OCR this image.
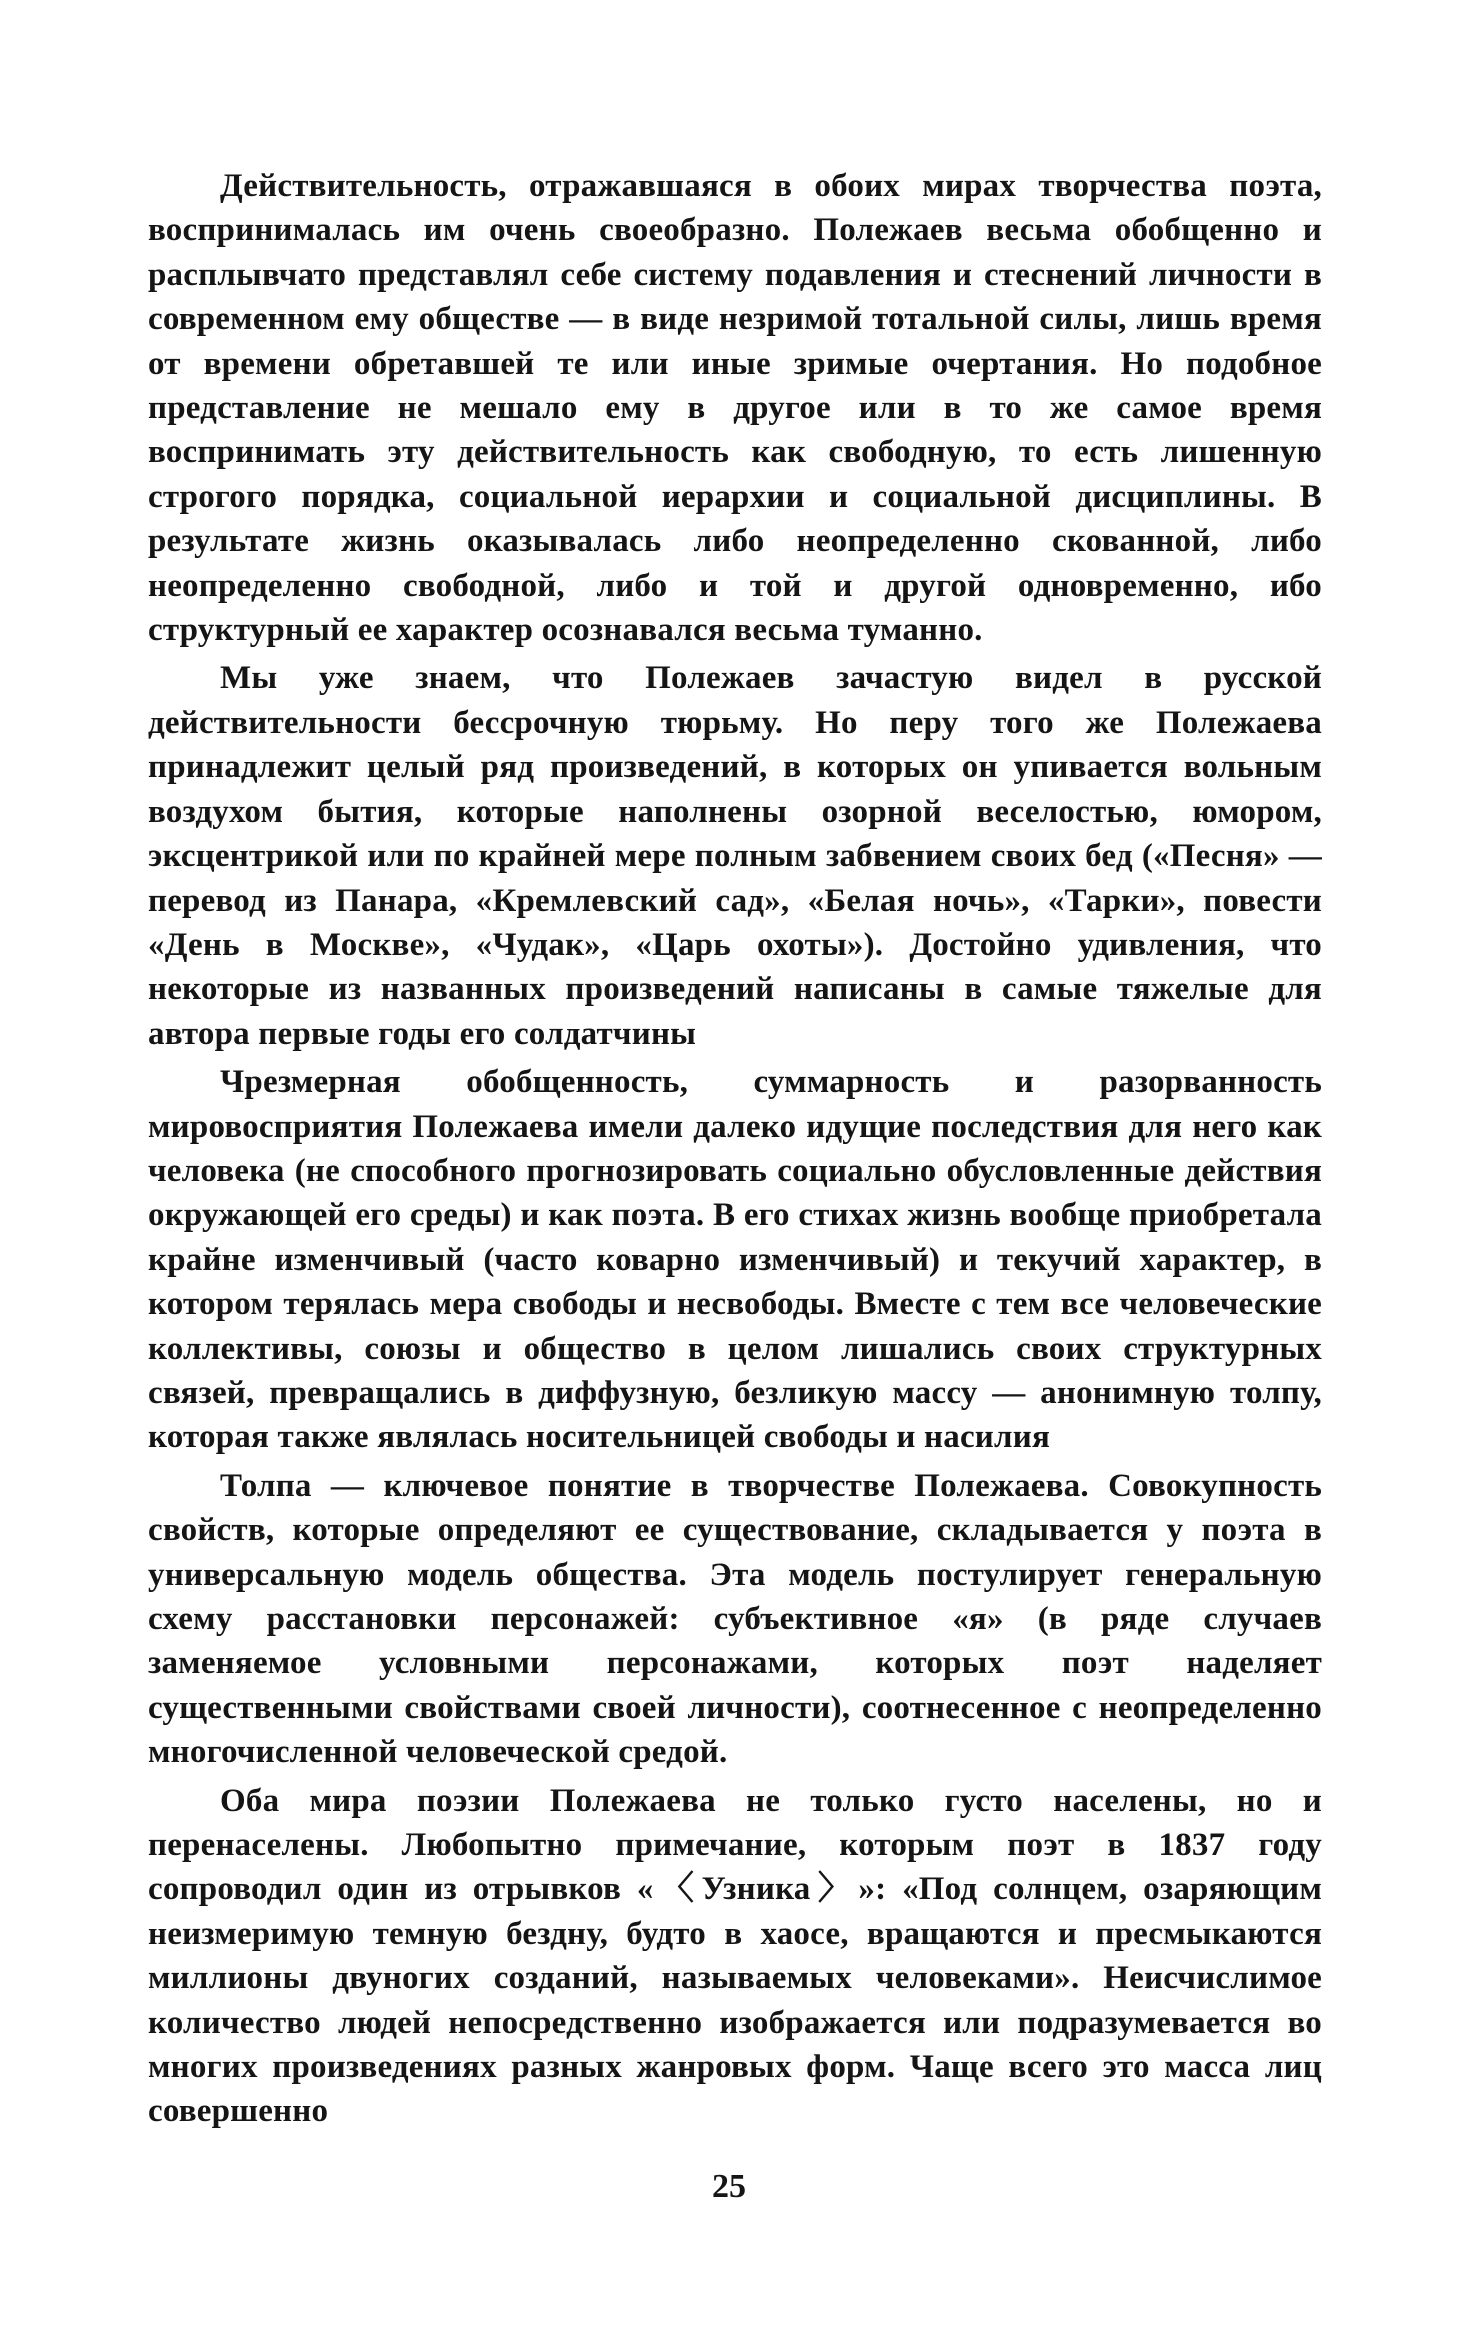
Действительность, отражавшаяся в обоих мирах творчества поэта, воспринималась им очень своеобразно. Полежаев весьма обобщенно и расплывчато представлял себе систему подавления и стеснений личности в современном ему обществе — в виде незримой тотальной силы, лишь время от времени обретавшей те или иные зримые очертания. Но подобное представление не мешало ему в другое или в то же самое время воспринимать эту действительность как свободную, то есть лишенную строгого порядка, социальной иерархии и социальной дисциплины. В результате жизнь оказывалась либо неопределенно скованной, либо неопределенно свободной, либо и той и другой одновременно, ибо структурный ее характер осознавался весьма туманно.

Мы уже знаем, что Полежаев зачастую видел в русской действительности бессрочную тюрьму. Но перу того же Полежаева принадлежит целый ряд произведений, в которых он упивается вольным воздухом бытия, которые наполнены озорной веселостью, юмором, эксцентрикой или по крайней мере полным забвением своих бед («Песня» — перевод из Панара, «Кремлевский сад», «Белая ночь», «Тарки», повести «День в Москве», «Чудак», «Царь охоты»). Достойно удивления, что некоторые из названных произведений написаны в самые тяжелые для автора первые годы его солдатчины

Чрезмерная обобщенность, суммарность и разорванность мировосприятия Полежаева имели далеко идущие последствия для него как человека (не способного прогнозировать социально обусловленные действия окружающей его среды) и как поэта. В его стихах жизнь вообще приобретала крайне изменчивый (часто коварно изменчивый) и текучий характер, в котором терялась мера свободы и несвободы. Вместе с тем все человеческие коллективы, союзы и общество в целом лишались своих структурных связей, превращались в диффузную, безликую массу — анонимную толпу, которая также являлась носительницей свободы и насилия

Толпа — ключевое понятие в творчестве Полежаева. Совокупность свойств, которые определяют ее существование, складывается у поэта в универсальную модель общества. Эта модель постулирует генеральную схему расстановки персонажей: субъективное «я» (в ряде случаев заменяемое условными персонажами, которых поэт наделяет существенными свойствами своей личности), соотнесенное с неопределенно многочисленной человеческой средой.

Оба мира поэзии Полежаева не только густо населены, но и перенаселены. Любопытно примечание, которым поэт в 1837 году сопроводил один из отрывков «〈Узника〉»: «Под солнцем, озаряющим неизмеримую темную бездну, будто в хаосе, вращаются и пресмыкаются миллионы двуногих созданий, называемых человеками». Неисчислимое количество людей непосредственно изображается или подразумевается во многих произведениях разных жанровых форм. Чаще всего это масса лиц совершенно

25
